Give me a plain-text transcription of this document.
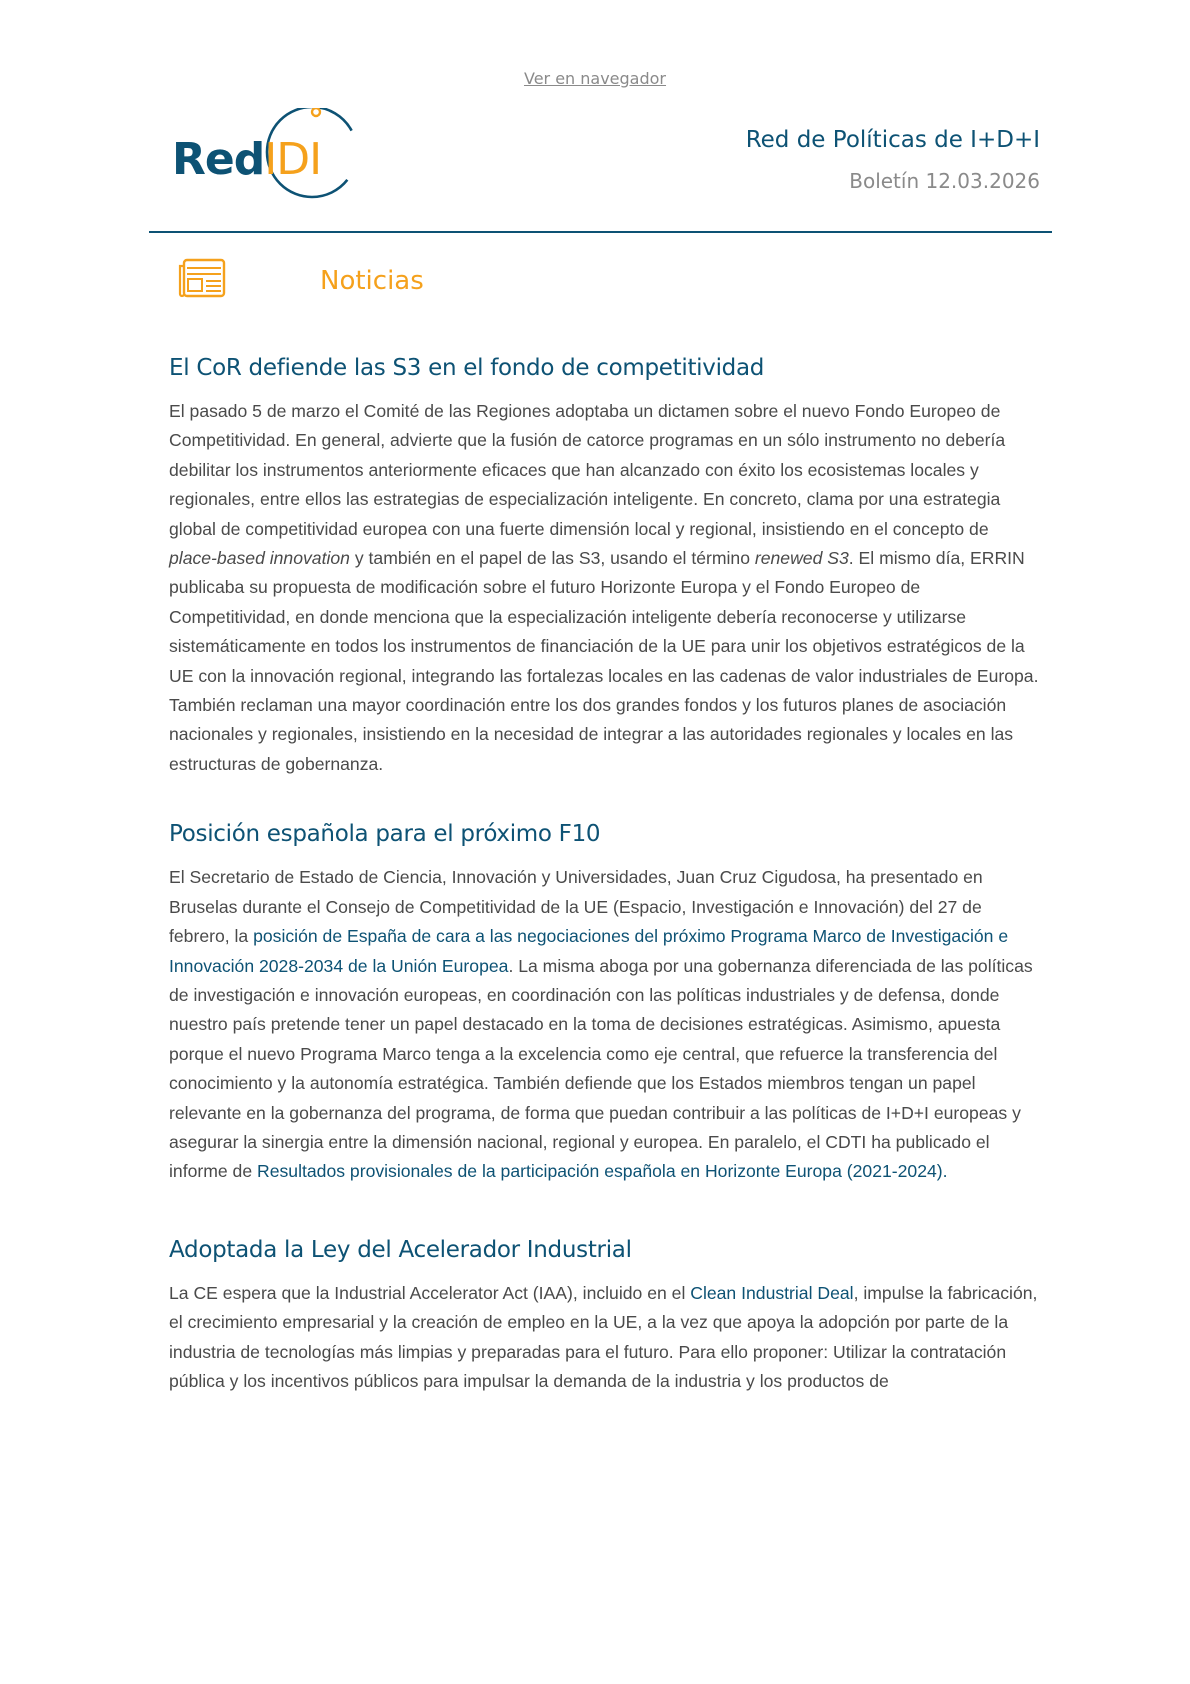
Ver en navegador
RedIDI	Red de Políticas de I+D+I
Boletín 12.03.2026
Noticias
El CoR defiende las S3 en el fondo de competitividad

El pasado 5 de marzo el Comité de las Regiones adoptaba un dictamen sobre el nuevo Fondo Europeo de Competitividad. En general, advierte que la fusión de catorce programas en un sólo instrumento no debería debilitar los instrumentos anteriormente eficaces que han alcanzado con éxito los ecosistemas locales y regionales, entre ellos las estrategias de especialización inteligente. En concreto, clama por una estrategia global de competitividad europea con una fuerte dimensión local y regional, insistiendo en el concepto de place-based innovation y también en el papel de las S3, usando el término renewed S3. El mismo día, ERRIN publicaba su propuesta de modificación sobre el futuro Horizonte Europa y el Fondo Europeo de Competitividad, en donde menciona que la especialización inteligente debería reconocerse y utilizarse sistemáticamente en todos los instrumentos de financiación de la UE para unir los objetivos estratégicos de la UE con la innovación regional, integrando las fortalezas locales en las cadenas de valor industriales de Europa. También reclaman una mayor coordinación entre los dos grandes fondos y los futuros planes de asociación nacionales y regionales, insistiendo en la necesidad de integrar a las autoridades regionales y locales en las estructuras de gobernanza.

Posición española para el próximo F10

El Secretario de Estado de Ciencia, Innovación y Universidades, Juan Cruz Cigudosa, ha presentado en Bruselas durante el Consejo de Competitividad de la UE (Espacio, Investigación e Innovación) del 27 de febrero, la posición de España de cara a las negociaciones del próximo Programa Marco de Investigación e Innovación 2028-2034 de la Unión Europea. La misma aboga por una gobernanza diferenciada de las políticas de investigación e innovación europeas, en coordinación con las políticas industriales y de defensa, donde nuestro país pretende tener un papel destacado en la toma de decisiones estratégicas. Asimismo, apuesta porque el nuevo Programa Marco tenga a la excelencia como eje central, que refuerce la transferencia del conocimiento y la autonomía estratégica. También defiende que los Estados miembros tengan un papel relevante en la gobernanza del programa, de forma que puedan contribuir a las políticas de I+D+I europeas y asegurar la sinergia entre la dimensión nacional, regional y europea. En paralelo, el CDTI ha publicado el informe de Resultados provisionales de la participación española en Horizonte Europa (2021-2024).

Adoptada la Ley del Acelerador Industrial

La CE espera que la Industrial Accelerator Act (IAA), incluido en el Clean Industrial Deal, impulse la fabricación, el crecimiento empresarial y la creación de empleo en la UE, a la vez que apoya la adopción por parte de la industria de tecnologías más limpias y preparadas para el futuro. Para ello proponer: Utilizar la contratación pública y los incentivos públicos para impulsar la demanda de la industria y los productos de
